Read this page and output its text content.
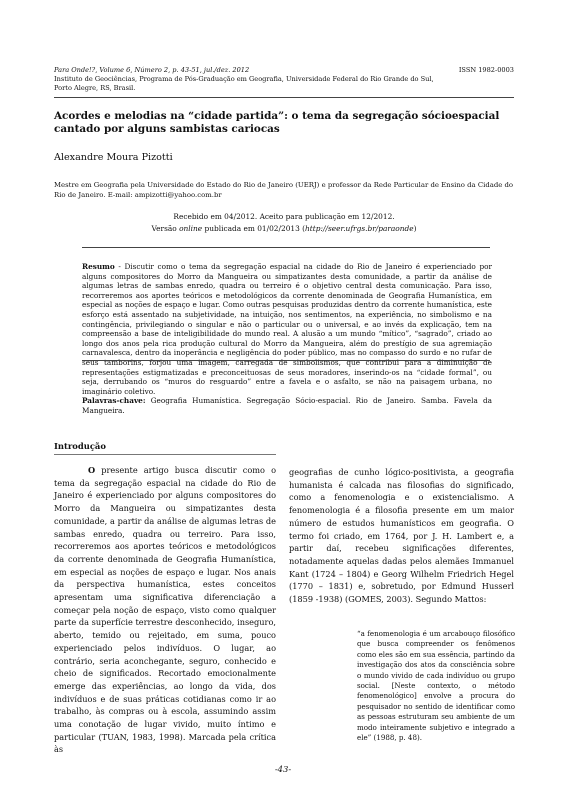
Para Onde!?, Volume 6, Número 2, p. 43-51, jul./dez. 2012	ISSN 1982-0003
Instituto de Geociências, Programa de Pós-Graduação em Geografia, Universidade Federal do Rio Grande do Sul,
Porto Alegre, RS, Brasil.
Acordes e melodias na “cidade partida”: o tema da segregação sócioespacial cantado por alguns sambistas cariocas
Alexandre Moura Pizotti
Mestre em Geografia pela Universidade do Estado do Rio de Janeiro (UERJ) e professor da Rede Particular de Ensino da Cidade do Rio de Janeiro. E-mail: ampizotti@yahoo.com.br
Recebido em 04/2012. Aceito para publicação em 12/2012.
Versão online publicada em 01/02/2013 (http://seer.ufrgs.br/paraonde)

Resumo - Discutir como o tema da segregação espacial na cidade do Rio de Janeiro é experienciado por alguns compositores do Morro da Mangueira ou simpatizantes desta comunidade, a partir da análise de algumas letras de sambas enredo, quadra ou terreiro é o objetivo central desta comunicação. Para isso, recorreremos aos aportes teóricos e metodológicos da corrente denominada de Geografia Humanística, em especial as noções de espaço e lugar. Como outras pesquisas produzidas dentro da corrente humanística, este esforço está assentado na subjetividade, na intuição, nos sentimentos, na experiência, no simbolismo e na contingência, privilegiando o singular e não o particular ou o universal, e ao invés da explicação, tem na compreensão a base de inteligibilidade do mundo real. A alusão a um mundo “mítico”, “sagrado”, criado ao longo dos anos pela rica produção cultural do Morro da Mangueira, além do prestígio de sua agremiação carnavalesca, dentro da inoperância e negligência do poder público, mas no compasso do surdo e no rufar de seus tamborins, forjou uma imagem, carregada de simbolismos, que contribui para a diminuição de representações estigmatizadas e preconceituosas de seus moradores, inserindo-os na “cidade formal”, ou seja, derrubando os “muros do resguardo” entre a favela e o asfalto, se não na paisagem urbana, no imaginário coletivo.

Palavras-chave: Geografia Humanística. Segregação Sócio-espacial. Rio de Janeiro. Samba. Favela da Mangueira.

Introdução

O presente artigo busca discutir como o tema da segregação espacial na cidade do Rio de Janeiro é experienciado por alguns compositores do Morro da Mangueira ou simpatizantes desta comunidade, a partir da análise de algumas letras de sambas enredo, quadra ou terreiro. Para isso, recorreremos aos aportes teóricos e metodológicos da corrente denominada de Geografia Humanística, em especial as noções de espaço e lugar. Nos anais da perspectiva humanística, estes conceitos apresentam uma significativa diferenciação a começar pela noção de espaço, visto como qualquer parte da superfície terrestre desconhecido, inseguro, aberto, temido ou rejeitado, em suma, pouco experienciado pelos indivíduos. O lugar, ao contrário, seria aconchegante, seguro, conhecido e cheio de significados. Recortado emocionalmente emerge das experiências, ao longo da vida, dos indivíduos e de suas práticas cotidianas como ir ao trabalho, às compras ou à escola, assumindo assim uma conotação de lugar vivido, muito íntimo e particular (TUAN, 1983, 1998). Marcada pela crítica às

geografias de cunho lógico-positivista, a geografia humanista é calcada nas filosofias do significado, como a fenomenologia e o existencialismo. A fenomenologia é a filosofia presente em um maior número de estudos humanísticos em geografia. O termo foi criado, em 1764, por J. H. Lambert e, a partir daí, recebeu significações diferentes, notadamente aquelas dadas pelos alemães Immanuel Kant (1724 – 1804) e Georg Wilhelm Friedrich Hegel (1770 – 1831) e, sobretudo, por Edmund Husserl (1859 -1938) (GOMES, 2003). Segundo Mattos:

“a fenomenologia é um arcabouço filosófico que busca compreender os fenômenos como eles são em sua essência, partindo da investigação dos atos da consciência sobre o mundo vivido de cada indivíduo ou grupo social. [Neste contexto, o método fenomenológico] envolve a procura do pesquisador no sentido de identificar como as pessoas estruturam seu ambiente de um modo inteiramente subjetivo e integrado a ele” (1988, p. 48).
-43-
